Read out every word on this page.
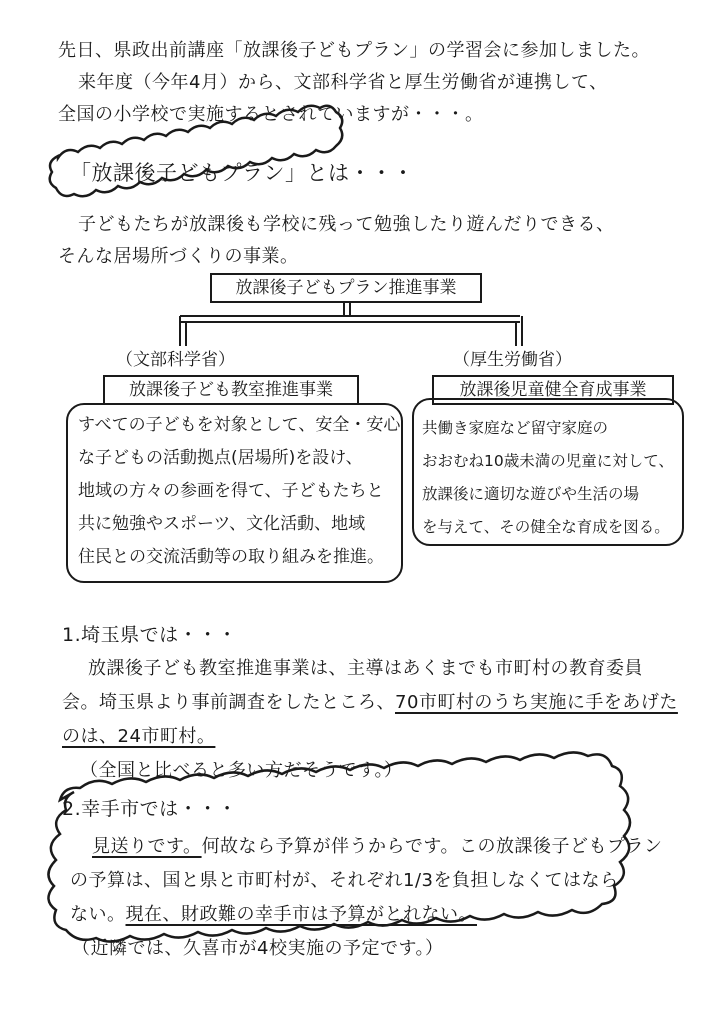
先日、県政出前講座「放課後子どもプラン」の学習会に参加しました。
来年度（今年4月）から、文部科学省と厚生労働省が連携して、
全国の小学校で実施するとされていますが・・・。
「放課後子どもプラン」とは・・・
子どもたちが放課後も学校に残って勉強したり遊んだりできる、
そんな居場所づくりの事業。
放課後子どもプラン推進事業
（文部科学省）
放課後子ども教室推進事業
すべての子どもを対象として、安全・安心
な子どもの活動拠点(居場所)を設け、
地域の方々の参画を得て、子どもたちと
共に勉強やスポーツ、文化活動、地域
住民との交流活動等の取り組みを推進。
（厚生労働省）
放課後児童健全育成事業
共働き家庭など留守家庭の
おおむね10歳未満の児童に対して、
放課後に適切な遊びや生活の場
を与えて、その健全な育成を図る。
1.埼玉県では・・・
放課後子ども教室推進事業は、主導はあくまでも市町村の教育委員
会。埼玉県より事前調査をしたところ、70市町村のうち実施に手をあげた
のは、24市町村。
（全国と比べると多い方だそうです。）
2.幸手市では・・・
見送りです。何故なら予算が伴うからです。この放課後子どもプラン
の予算は、国と県と市町村が、それぞれ1/3を負担しなくてはなら
ない。現在、財政難の幸手市は予算がとれない。
（近隣では、久喜市が4校実施の予定です。）
